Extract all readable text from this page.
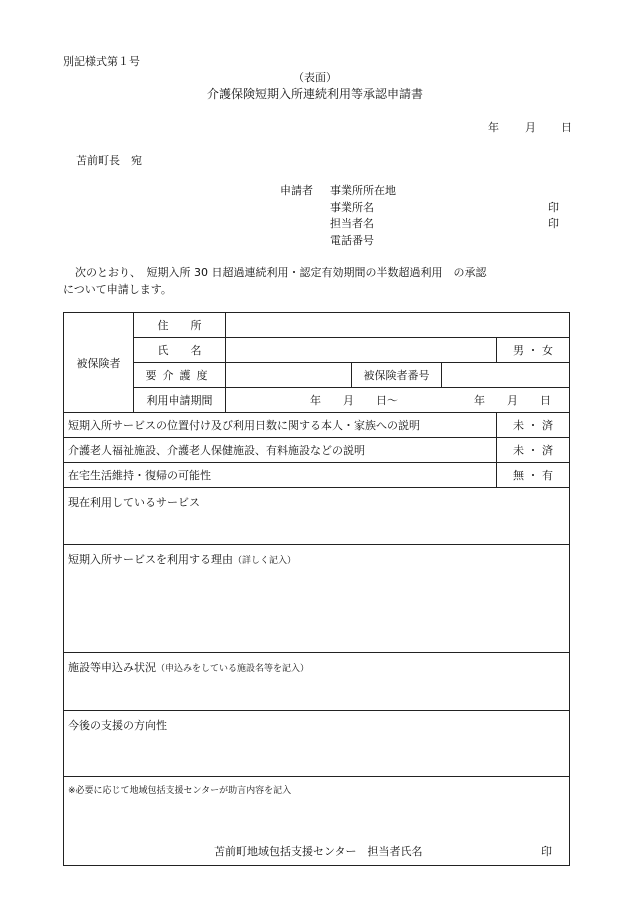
別記様式第１号
（表面）
介護保険短期入所連続利用等承認申請書
年 月 日
苫前町長　宛
申請者 事業所所在地
事業所名	印
担当者名	印
電話番号
次のとおり、　短期入所 30 日超過連続利用・認定有効期間の半数超過利用　の承認
について申請します。
被保険者	住　　所				
	氏　　名				男 ・ 女
	要介護度		被保険者番号		
	利用申請期間	年　　月　　日〜 年　　月　　日			

短期入所サービスの位置付け及び利用日数に関する本人・家族への説明					未 ・ 済
介護老人福祉施設、介護老人保健施設、有料施設などの説明					未 ・ 済
在宅生活維持・復帰の可能性					無 ・ 有
現在利用しているサービス					
短期入所サービスを利用する理由（詳しく記入）					
施設等申込み状況（申込みをしている施設名等を記入）					
今後の支援の方向性					

※必要に応じて地域包括支援センターが助言内容を記入
苫前町地域包括支援センター　担当者氏名 印					
